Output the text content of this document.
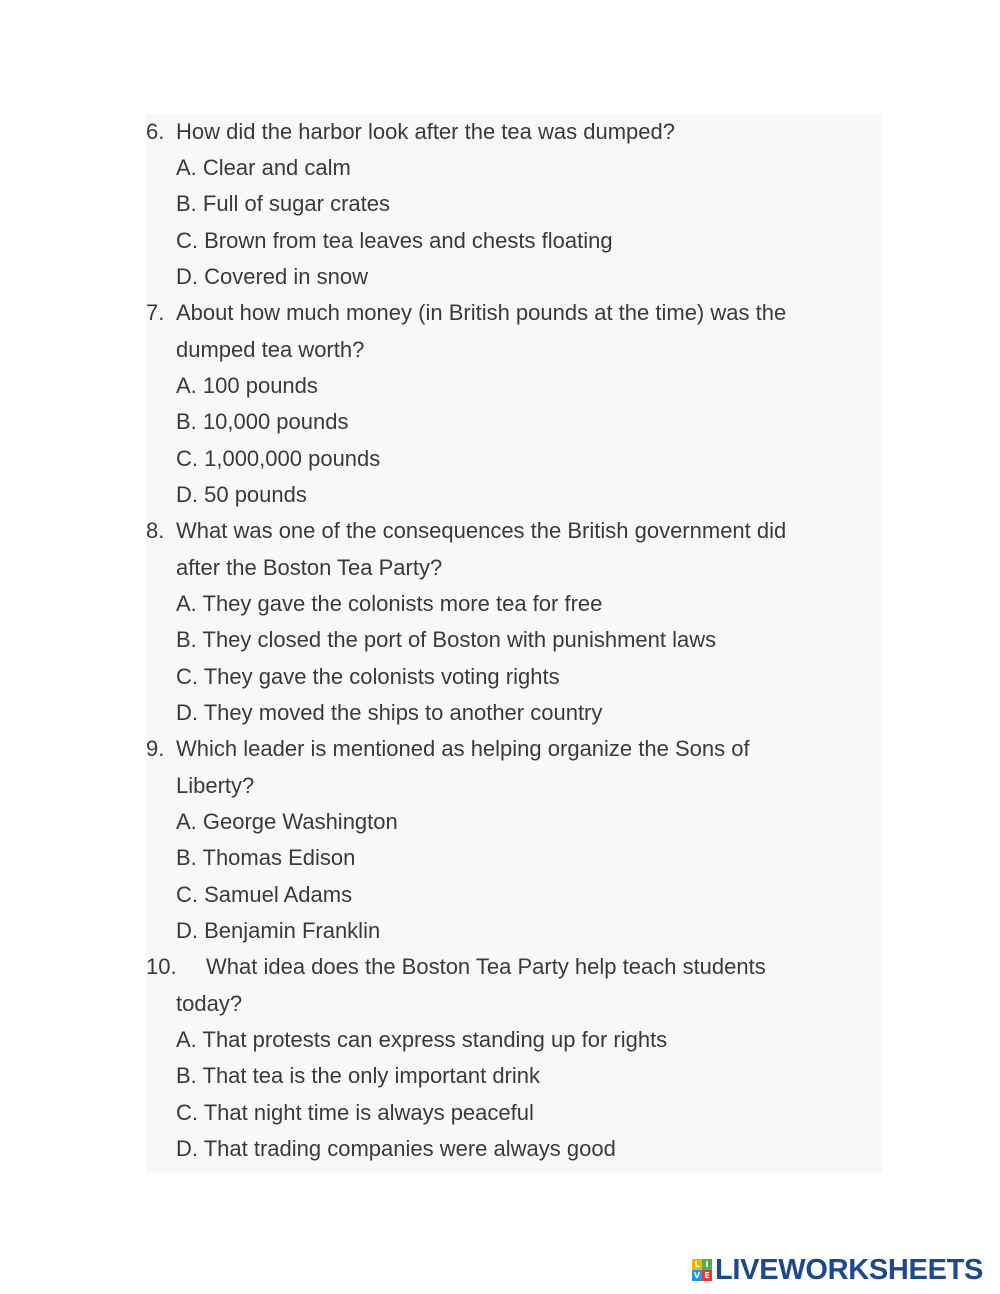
6. How did the harbor look after the tea was dumped?
A. Clear and calm
B. Full of sugar crates
C. Brown from tea leaves and chests floating
D. Covered in snow
7. About how much money (in British pounds at the time) was the
dumped tea worth?
A. 100 pounds
B. 10,000 pounds
C. 1,000,000 pounds
D. 50 pounds
8. What was one of the consequences the British government did
after the Boston Tea Party?
A. They gave the colonists more tea for free
B. They closed the port of Boston with punishment laws
C. They gave the colonists voting rights
D. They moved the ships to another country
9. Which leader is mentioned as helping organize the Sons of
Liberty?
A. George Washington
B. Thomas Edison
C. Samuel Adams
D. Benjamin Franklin
10. What idea does the Boston Tea Party help teach students
today?
A. That protests can express standing up for rights
B. That tea is the only important drink
C. That night time is always peaceful
D. That trading companies were always good
L I
V E LIVEWORKSHEETS
